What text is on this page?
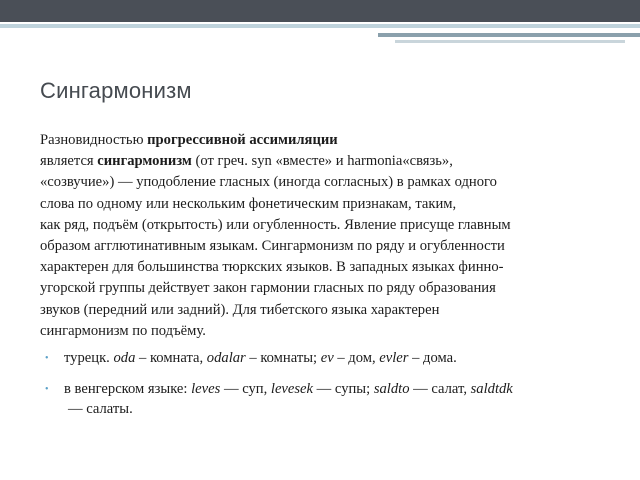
Сингармонизм
Разновидностью прогрессивной ассимиляции
является сингармонизм (от греч. syn «вместе» и harmonia«связь»,
«созвучие») — уподобление гласных (иногда согласных) в рамках одного
слова по одному или нескольким фонетическим признакам, таким,
как ряд, подъём (открытость) или огубленность. Явление присуще главным
образом агглютинативным языкам. Сингармонизм по ряду и огубленности
характерен для большинства тюркских языков. В западных языках финно-
угорской группы действует закон гармонии гласных по ряду образования
звуков (передний или задний). Для тибетского языка характерен
сингармонизм по подъёму.
• турецк. oda – комната, odalar – комнаты; ev – дом, evler – дома.
• в венгерском языке: leves — суп, levesek — супы; saldto — салат, saldtdk
— салаты.
